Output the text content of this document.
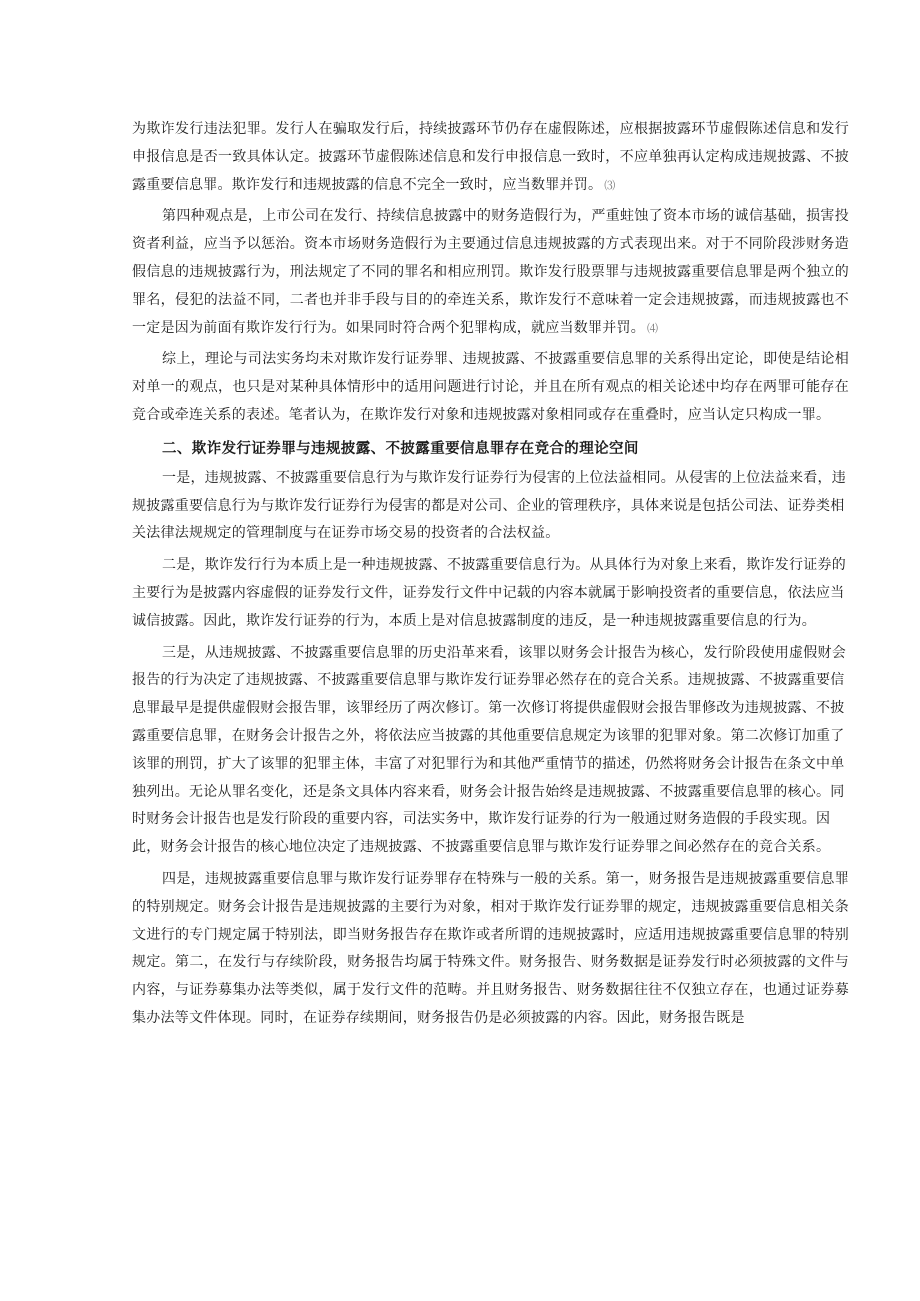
为欺诈发行违法犯罪。发行人在骗取发行后，持续披露环节仍存在虚假陈述，应根据披露环节虚假陈述信息和发行申报信息是否一致具体认定。披露环节虚假陈述信息和发行申报信息一致时，不应单独再认定构成违规披露、不披露重要信息罪。欺诈发行和违规披露的信息不完全一致时，应当数罪并罚。 ⑶

第四种观点是，上市公司在发行、持续信息披露中的财务造假行为，严重蛀蚀了资本市场的诚信基础，损害投资者利益，应当予以惩治。资本市场财务造假行为主要通过信息违规披露的方式表现出来。对于不同阶段涉财务造假信息的违规披露行为，刑法规定了不同的罪名和相应刑罚。欺诈发行股票罪与违规披露重要信息罪是两个独立的罪名，侵犯的法益不同，二者也并非手段与目的的牵连关系，欺诈发行不意味着一定会违规披露，而违规披露也不一定是因为前面有欺诈发行行为。如果同时符合两个犯罪构成，就应当数罪并罚。 ⑷

综上，理论与司法实务均未对欺诈发行证券罪、违规披露、不披露重要信息罪的关系得出定论，即使是结论相对单一的观点，也只是对某种具体情形中的适用问题进行讨论，并且在所有观点的相关论述中均存在两罪可能存在竞合或牵连关系的表述。笔者认为，在欺诈发行对象和违规披露对象相同或存在重叠时，应当认定只构成一罪。

二、欺诈发行证券罪与违规披露、不披露重要信息罪存在竞合的理论空间

一是，违规披露、不披露重要信息行为与欺诈发行证券行为侵害的上位法益相同。从侵害的上位法益来看，违规披露重要信息行为与欺诈发行证券行为侵害的都是对公司、企业的管理秩序，具体来说是包括公司法、证券类相关法律法规规定的管理制度与在证券市场交易的投资者的合法权益。

二是，欺诈发行行为本质上是一种违规披露、不披露重要信息行为。从具体行为对象上来看，欺诈发行证券的主要行为是披露内容虚假的证券发行文件，证券发行文件中记载的内容本就属于影响投资者的重要信息，依法应当诚信披露。因此，欺诈发行证券的行为，本质上是对信息披露制度的违反，是一种违规披露重要信息的行为。

三是，从违规披露、不披露重要信息罪的历史沿革来看，该罪以财务会计报告为核心，发行阶段使用虚假财会报告的行为决定了违规披露、不披露重要信息罪与欺诈发行证券罪必然存在的竞合关系。违规披露、不披露重要信息罪最早是提供虚假财会报告罪，该罪经历了两次修订。第一次修订将提供虚假财会报告罪修改为违规披露、不披露重要信息罪，在财务会计报告之外，将依法应当披露的其他重要信息规定为该罪的犯罪对象。第二次修订加重了该罪的刑罚，扩大了该罪的犯罪主体，丰富了对犯罪行为和其他严重情节的描述，仍然将财务会计报告在条文中单独列出。无论从罪名变化，还是条文具体内容来看，财务会计报告始终是违规披露、不披露重要信息罪的核心。同时财务会计报告也是发行阶段的重要内容，司法实务中，欺诈发行证券的行为一般通过财务造假的手段实现。因此，财务会计报告的核心地位决定了违规披露、不披露重要信息罪与欺诈发行证券罪之间必然存在的竞合关系。

四是，违规披露重要信息罪与欺诈发行证券罪存在特殊与一般的关系。第一，财务报告是违规披露重要信息罪的特别规定。财务会计报告是违规披露的主要行为对象，相对于欺诈发行证券罪的规定，违规披露重要信息相关条文进行的专门规定属于特别法，即当财务报告存在欺诈或者所谓的违规披露时，应适用违规披露重要信息罪的特别规定。第二，在发行与存续阶段，财务报告均属于特殊文件。财务报告、财务数据是证券发行时必须披露的文件与内容，与证券募集办法等类似，属于发行文件的范畴。并且财务报告、财务数据往往不仅独立存在，也通过证券募集办法等文件体现。同时，在证券存续期间，财务报告仍是必须披露的内容。因此，财务报告既是
